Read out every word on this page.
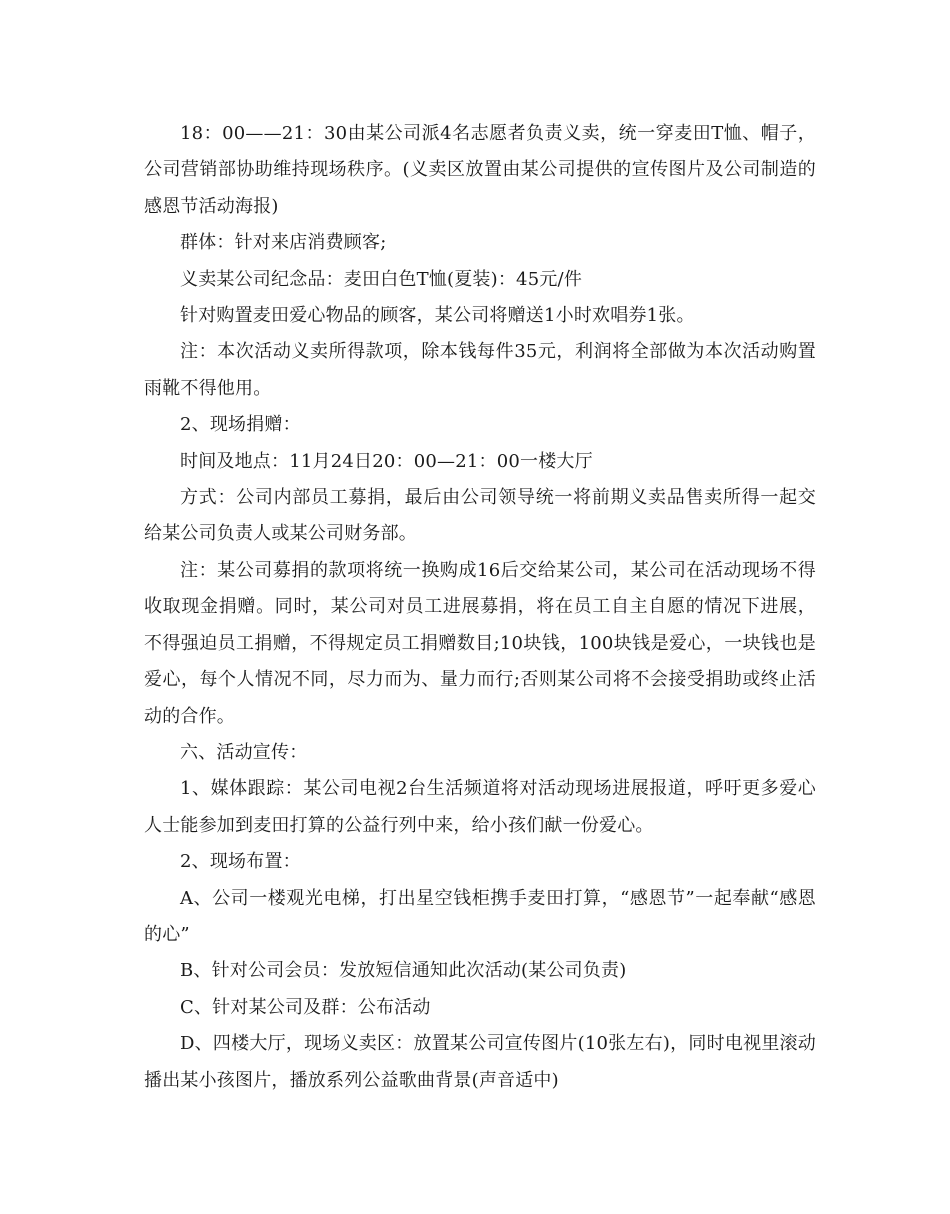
18：00——21：30由某公司派4名志愿者负责义卖，统一穿麦田T恤、帽子，公司营销部协助维持现场秩序。(义卖区放置由某公司提供的宣传图片及公司制造的感恩节活动海报)

群体：针对来店消费顾客;

义卖某公司纪念品：麦田白色T恤(夏装)：45元/件

针对购置麦田爱心物品的顾客，某公司将赠送1小时欢唱券1张。

注：本次活动义卖所得款项，除本钱每件35元，利润将全部做为本次活动购置雨靴不得他用。

2、现场捐赠：

时间及地点：11月24日20：00—21：00一楼大厅

方式：公司内部员工募捐，最后由公司领导统一将前期义卖品售卖所得一起交给某公司负责人或某公司财务部。

注：某公司募捐的款项将统一换购成16后交给某公司，某公司在活动现场不得收取现金捐赠。同时，某公司对员工进展募捐，将在员工自主自愿的情况下进展，不得强迫员工捐赠，不得规定员工捐赠数目;10块钱，100块钱是爱心，一块钱也是爱心，每个人情况不同，尽力而为、量力而行;否则某公司将不会接受捐助或终止活动的合作。

六、活动宣传：

1、媒体跟踪：某公司电视2台生活频道将对活动现场进展报道，呼吁更多爱心人士能参加到麦田打算的公益行列中来，给小孩们献一份爱心。

2、现场布置：

A、公司一楼观光电梯，打出星空钱柜携手麦田打算，“感恩节”一起奉献“感恩的心”

B、针对公司会员：发放短信通知此次活动(某公司负责)

C、针对某公司及群：公布活动

D、四楼大厅，现场义卖区：放置某公司宣传图片(10张左右)，同时电视里滚动播出某小孩图片，播放系列公益歌曲背景(声音适中)
